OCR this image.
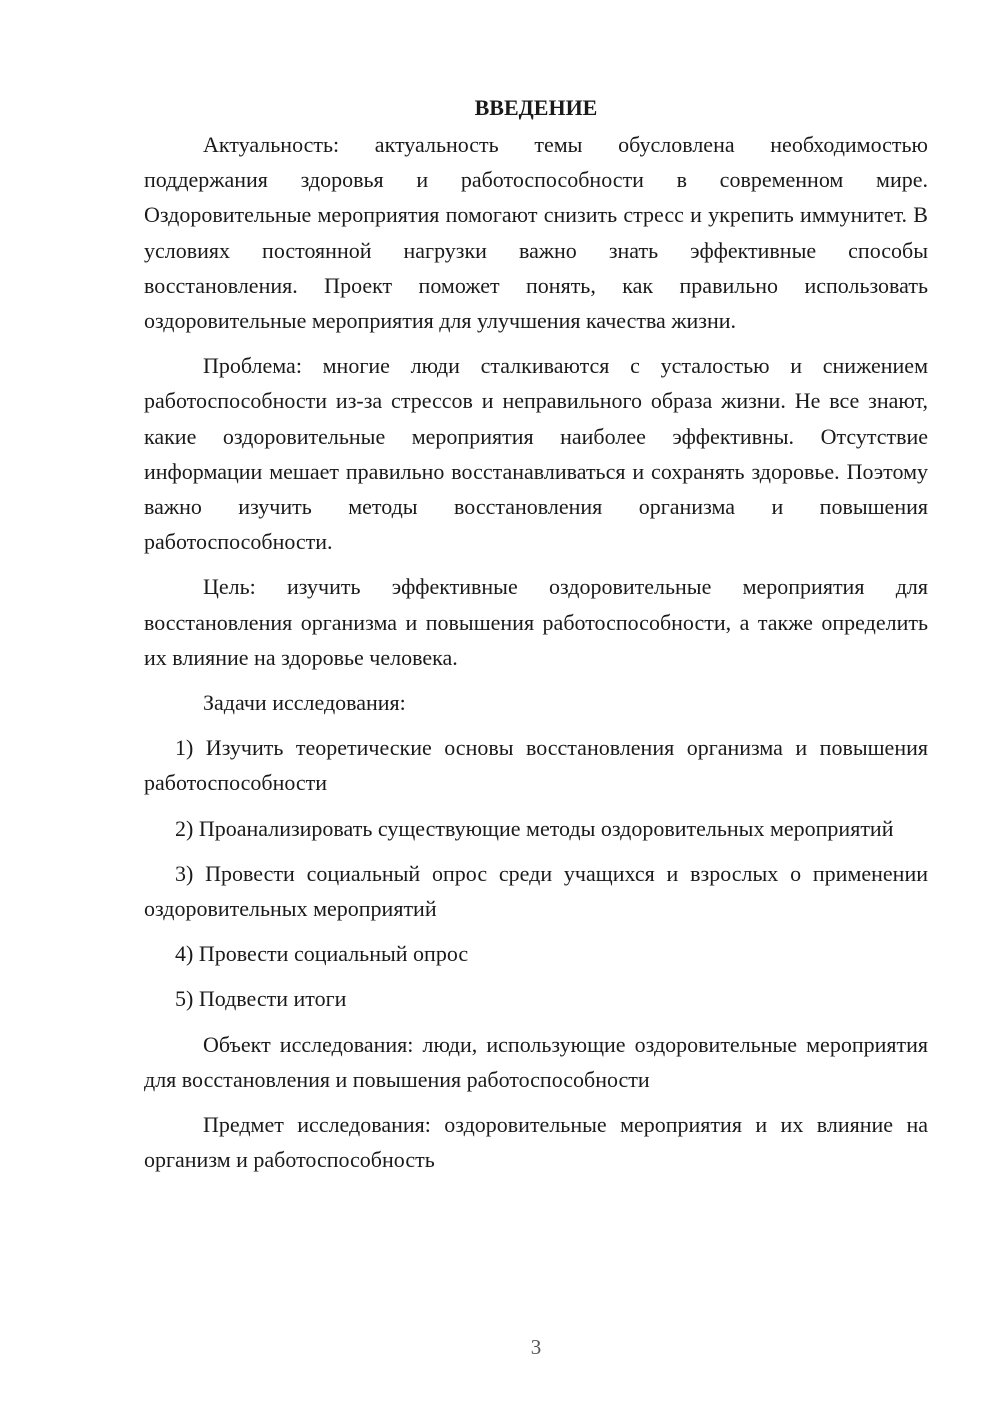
ВВЕДЕНИЕ

Актуальность: актуальность темы обусловлена необходимостью поддержания здоровья и работоспособности в современном мире. Оздоровительные мероприятия помогают снизить стресс и укрепить иммунитет. В условиях постоянной нагрузки важно знать эффективные способы восстановления. Проект поможет понять, как правильно использовать оздоровительные мероприятия для улучшения качества жизни.

Проблема: многие люди сталкиваются с усталостью и снижением работоспособности из-за стрессов и неправильного образа жизни. Не все знают, какие оздоровительные мероприятия наиболее эффективны. Отсутствие информации мешает правильно восстанавливаться и сохранять здоровье. Поэтому важно изучить методы восстановления организма и повышения работоспособности.

Цель: изучить эффективные оздоровительные мероприятия для восстановления организма и повышения работоспособности, а также определить их влияние на здоровье человека.

Задачи исследования:

1) Изучить теоретические основы восстановления организма и повышения работоспособности

2) Проанализировать существующие методы оздоровительных мероприятий

3) Провести социальный опрос среди учащихся и взрослых о применении оздоровительных мероприятий

4) Провести социальный опрос

5) Подвести итоги

Объект исследования: люди, использующие оздоровительные мероприятия для восстановления и повышения работоспособности

Предмет исследования: оздоровительные мероприятия и их влияние на организм и работоспособность

3
